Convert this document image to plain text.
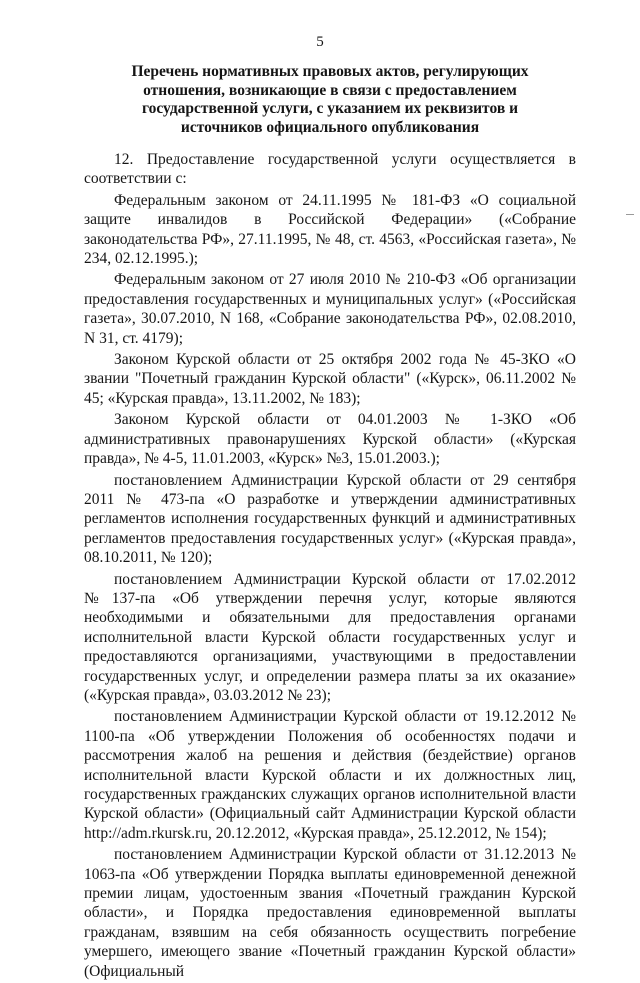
5
Перечень нормативных правовых актов, регулирующих отношения, возникающие в связи с предоставлением государственной услуги, с указанием их реквизитов и источников официального опубликования

12. Предоставление государственной услуги осуществляется в соответствии с:

Федеральным законом от 24.11.1995 № 181-ФЗ «О социальной защите инвалидов в Российской Федерации» («Собрание законодательства РФ», 27.11.1995, № 48, ст. 4563, «Российская газета», № 234, 02.12.1995.);

Федеральным законом от 27 июля 2010 № 210-ФЗ «Об организации предоставления государственных и муниципальных услуг» («Российская газета», 30.07.2010, N 168, «Собрание законодательства РФ», 02.08.2010, N 31, ст. 4179);

Законом Курской области от 25 октября 2002 года № 45-ЗКО «О звании "Почетный гражданин Курской области" («Курск», 06.11.2002 № 45; «Курская правда», 13.11.2002, № 183);

Законом Курской области от 04.01.2003 № 1-ЗКО «Об административных правонарушениях Курской области» («Курская правда», № 4-5, 11.01.2003, «Курск» №3, 15.01.2003.);

постановлением Администрации Курской области от 29 сентября 2011 № 473-па «О разработке и утверждении административных регламентов исполнения государственных функций и административных регламентов предоставления государственных услуг» («Курская правда», 08.10.2011, № 120);

постановлением Администрации Курской области от 17.02.2012 №137-па «Об утверждении перечня услуг, которые являются необходимыми и обязательными для предоставления органами исполнительной власти Курской области государственных услуг и предоставляются организациями, участвующими в предоставлении государственных услуг, и определении размера платы за их оказание» («Курская правда», 03.03.2012 № 23);

постановлением Администрации Курской области от 19.12.2012 № 1100-па «Об утверждении Положения об особенностях подачи и рассмотрения жалоб на решения и действия (бездействие) органов исполнительной власти Курской области и их должностных лиц, государственных гражданских служащих органов исполнительной власти Курской области» (Официальный сайт Администрации Курской области http://adm.rkursk.ru, 20.12.2012, «Курская правда», 25.12.2012, № 154);

постановлением Администрации Курской области от 31.12.2013 № 1063-па «Об утверждении Порядка выплаты единовременной денежной премии лицам, удостоенным звания «Почетный гражданин Курской области», и Порядка предоставления единовременной выплаты гражданам, взявшим на себя обязанность осуществить погребение умершего, имеющего звание «Почетный гражданин Курской области» (Официальный
